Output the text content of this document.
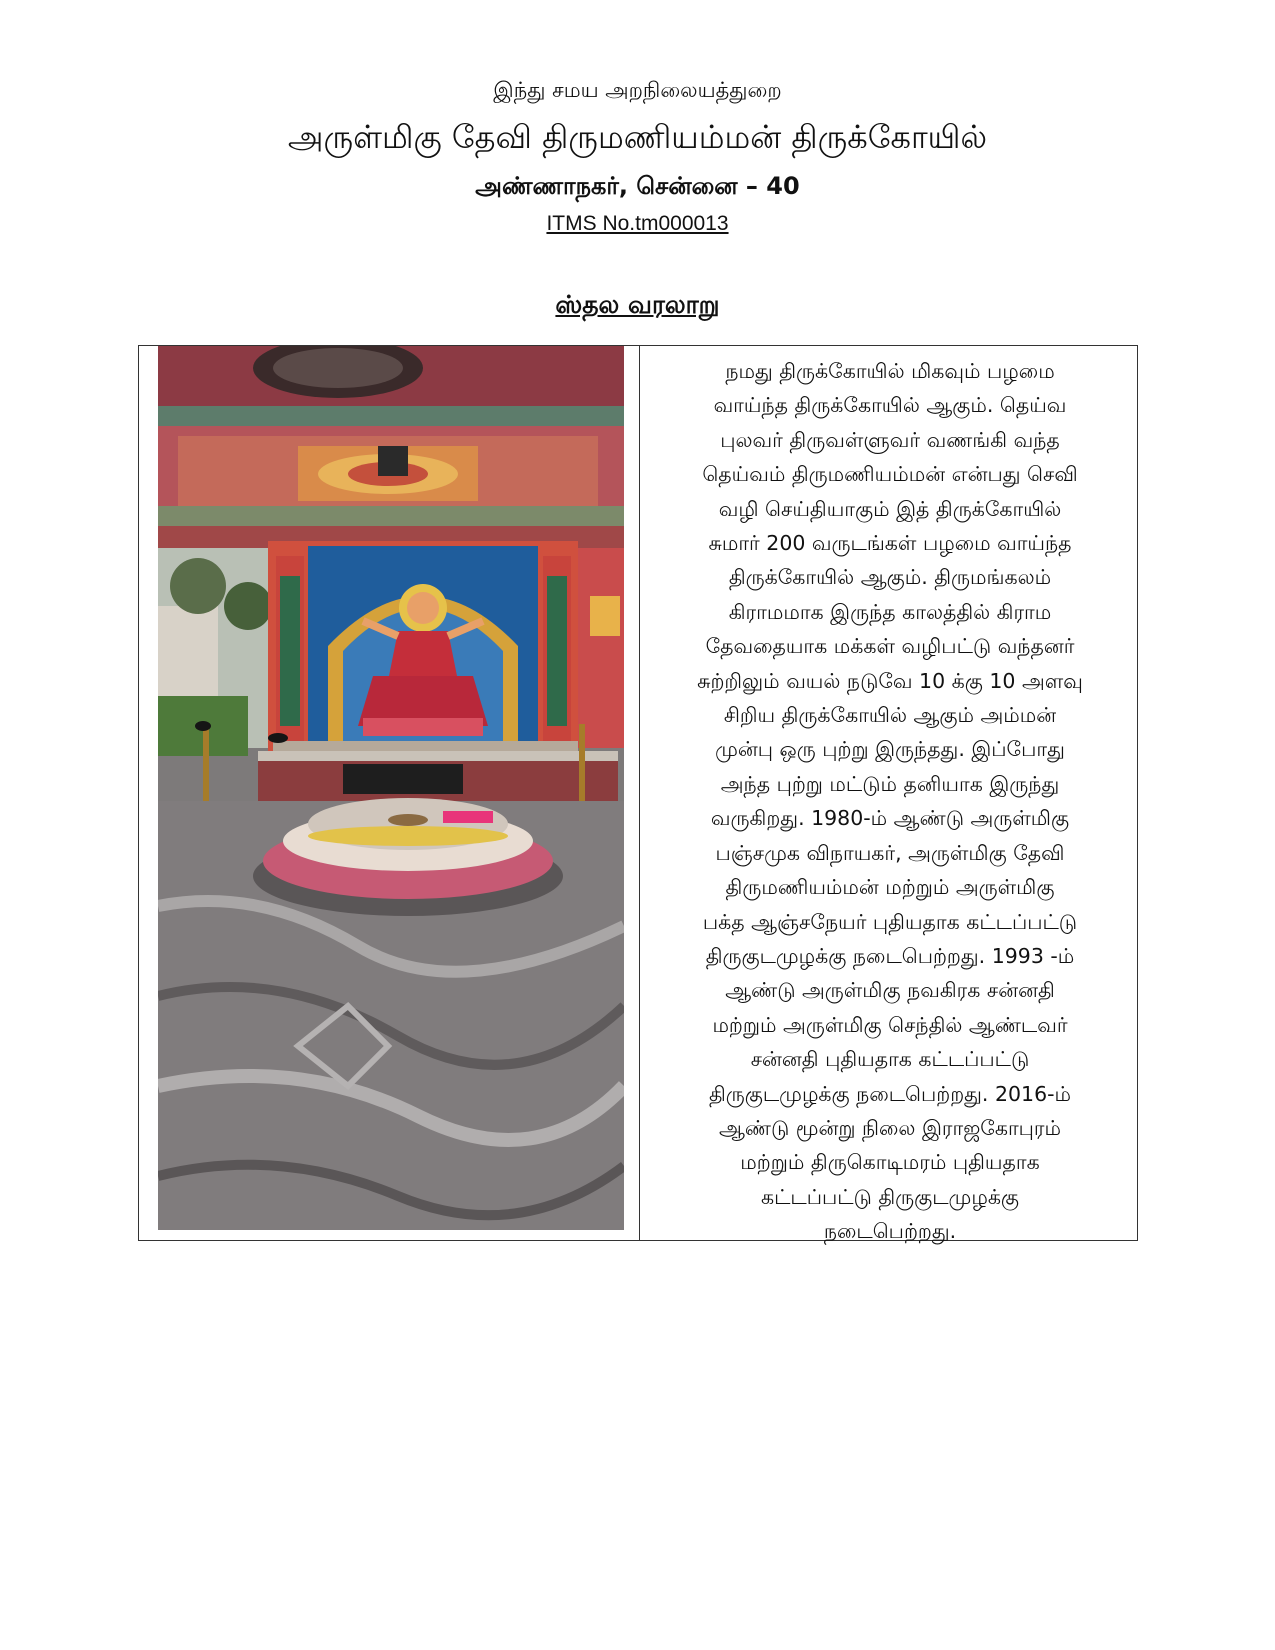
இந்து சமய அறநிலையத்துறை
அருள்மிகு தேவி திருமணியம்மன் திருக்கோயில்
அண்ணாநகர், சென்னை – 40
ITMS No.tm000013
ஸ்தல வரலாறு
நமது திருக்கோயில் மிகவும் பழமை
வாய்ந்த திருக்கோயில் ஆகும். தெய்வ
புலவர் திருவள்ளுவர் வணங்கி வந்த
தெய்வம் திருமணியம்மன் என்பது செவி
வழி செய்தியாகும் இத் திருக்கோயில்
சுமார் 200 வருடங்கள் பழமை வாய்ந்த
திருக்கோயில் ஆகும். திருமங்கலம்
கிராமமாக இருந்த காலத்தில் கிராம
தேவதையாக மக்கள் வழிபட்டு வந்தனர்
சுற்றிலும் வயல் நடுவே 10 க்கு 10 அளவு
சிறிய திருக்கோயில் ஆகும் அம்மன்
முன்பு ஒரு புற்று இருந்தது. இப்போது
அந்த புற்று மட்டும் தனியாக இருந்து
வருகிறது. 1980-ம் ஆண்டு அருள்மிகு
பஞ்சமுக விநாயகர், அருள்மிகு தேவி
திருமணியம்மன் மற்றும் அருள்மிகு
பக்த ஆஞ்சநேயர் புதியதாக கட்டப்பட்டு
திருகுடமுழக்கு நடைபெற்றது. 1993 -ம்
ஆண்டு அருள்மிகு நவகிரக சன்னதி
மற்றும் அருள்மிகு செந்தில் ஆண்டவர்
சன்னதி புதியதாக கட்டப்பட்டு
திருகுடமுழக்கு நடைபெற்றது. 2016-ம்
ஆண்டு மூன்று நிலை இராஜகோபுரம்
மற்றும் திருகொடிமரம் புதியதாக
கட்டப்பட்டு திருகுடமுழக்கு
நடைபெற்றது.
